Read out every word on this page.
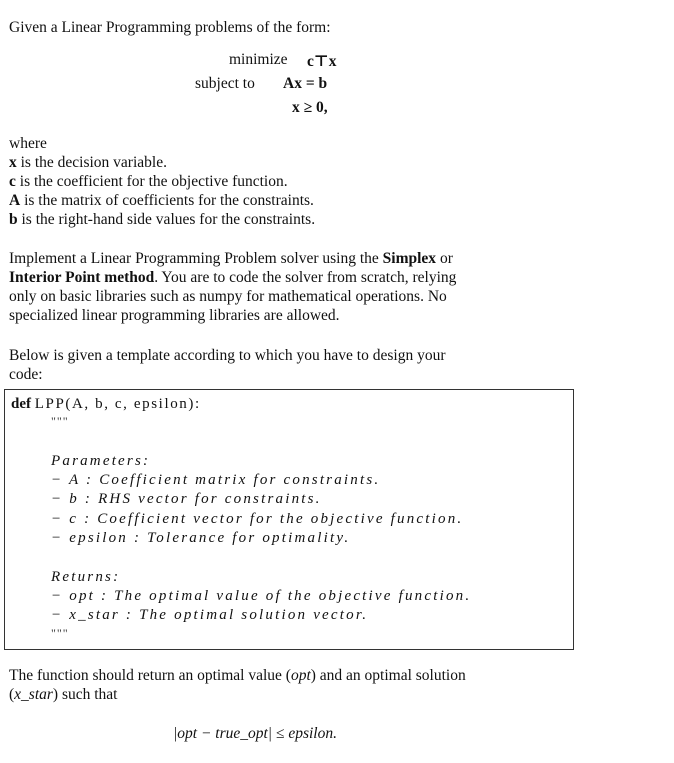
Given a Linear Programming problems of the form:
minimize c⊤x
subject to Ax = b
x ≥ 0,
where
x is the decision variable.
c is the coefficient for the objective function.
A is the matrix of coefficients for the constraints.
b is the right-hand side values for the constraints.
Implement a Linear Programming Problem solver using the Simplex or
Interior Point method. You are to code the solver from scratch, relying
only on basic libraries such as numpy for mathematical operations. No
specialized linear programming libraries are allowed.
Below is given a template according to which you have to design your
code:
def LPP(A, b, c, epsilon):
"""
Parameters:
− A : Coefficient matrix for constraints.
− b : RHS vector for constraints.
− c : Coefficient vector for the objective function.
− epsilon : Tolerance for optimality.
Returns:
− opt : The optimal value of the objective function.
− x_star : The optimal solution vector.
"""
The function should return an optimal value (opt) and an optimal solution
(x_star) such that
|opt − true_opt| ≤ epsilon.
